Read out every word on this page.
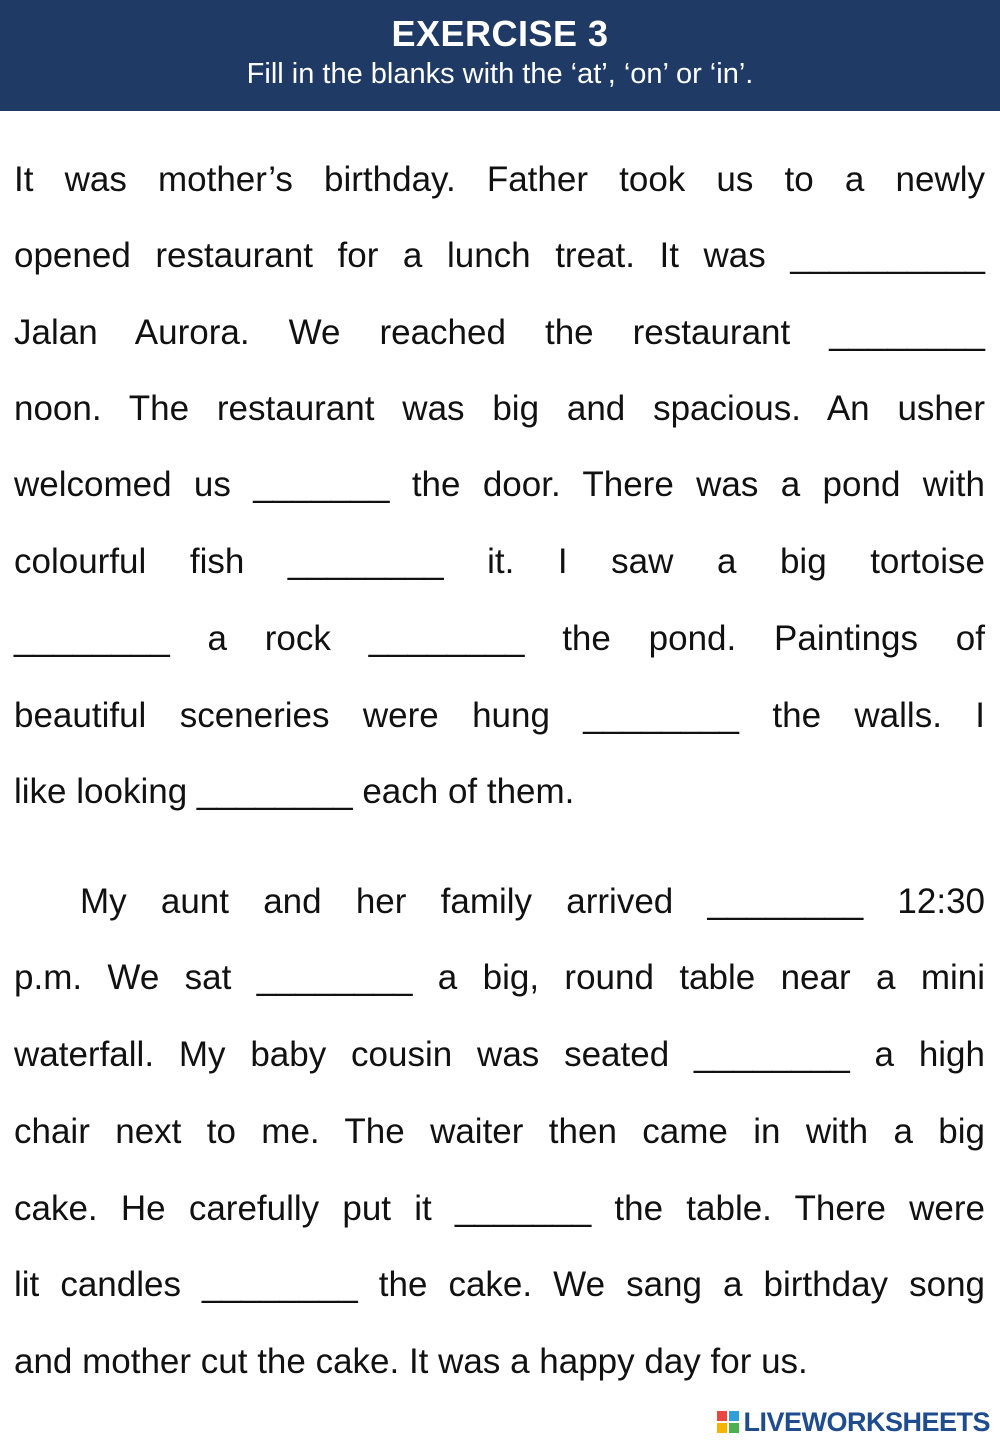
EXERCISE 3
Fill in the blanks with the ‘at’, ‘on’ or ‘in’.
It was mother’s birthday. Father took us to a newly
opened restaurant for a lunch treat. It was __________
Jalan Aurora. We reached the restaurant ________
noon. The restaurant was big and spacious. An usher
welcomed us _______ the door. There was a pond with
colourful fish ________ it. I saw a big tortoise
________ a rock ________ the pond. Paintings of
beautiful sceneries were hung ________ the walls. I
like looking ________ each of them.
My aunt and her family arrived ________ 12:30
p.m. We sat ________ a big, round table near a mini
waterfall. My baby cousin was seated ________ a high
chair next to me. The waiter then came in with a big
cake. He carefully put it _______ the table. There were
lit candles ________ the cake. We sang a birthday song
and mother cut the cake. It was a happy day for us.
LIVEWORKSHEETS
